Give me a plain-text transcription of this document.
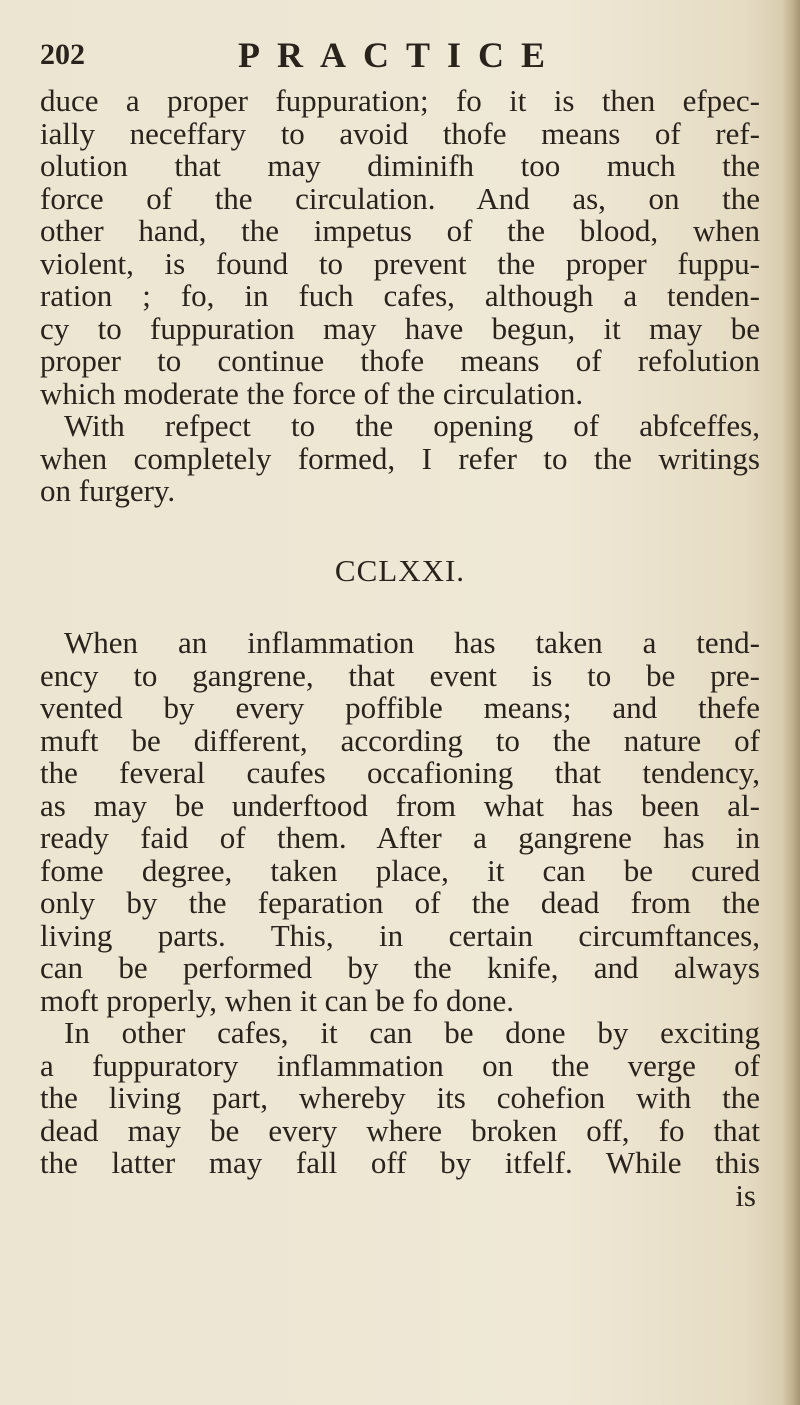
202	PRACTICE
duce a proper fuppuration; fo it is then efpec-
ially neceffary to avoid thofe means of ref-
olution that may diminifh too much the
force of the circulation. And as, on the
other hand, the impetus of the blood, when
violent, is found to prevent the proper fuppu-
ration ; fo, in fuch cafes, although a tenden-
cy to fuppuration may have begun, it may be
proper to continue thofe means of refolution
which moderate the force of the circulation.
With refpect to the opening of abfceffes,
when completely formed, I refer to the writings
on furgery.
CCLXXI.
When an inflammation has taken a tend-
ency to gangrene, that event is to be pre-
vented by every poffible means; and thefe
muft be different, according to the nature of
the feveral caufes occafioning that tendency,
as may be underftood from what has been al-
ready faid of them. After a gangrene has in
fome degree, taken place, it can be cured
only by the feparation of the dead from the
living parts. This, in certain circumftances,
can be performed by the knife, and always
moft properly, when it can be fo done.
In other cafes, it can be done by exciting
a fuppuratory inflammation on the verge of
the living part, whereby its cohefion with the
dead may be every where broken off, fo that
the latter may fall off by itfelf. While this
is
